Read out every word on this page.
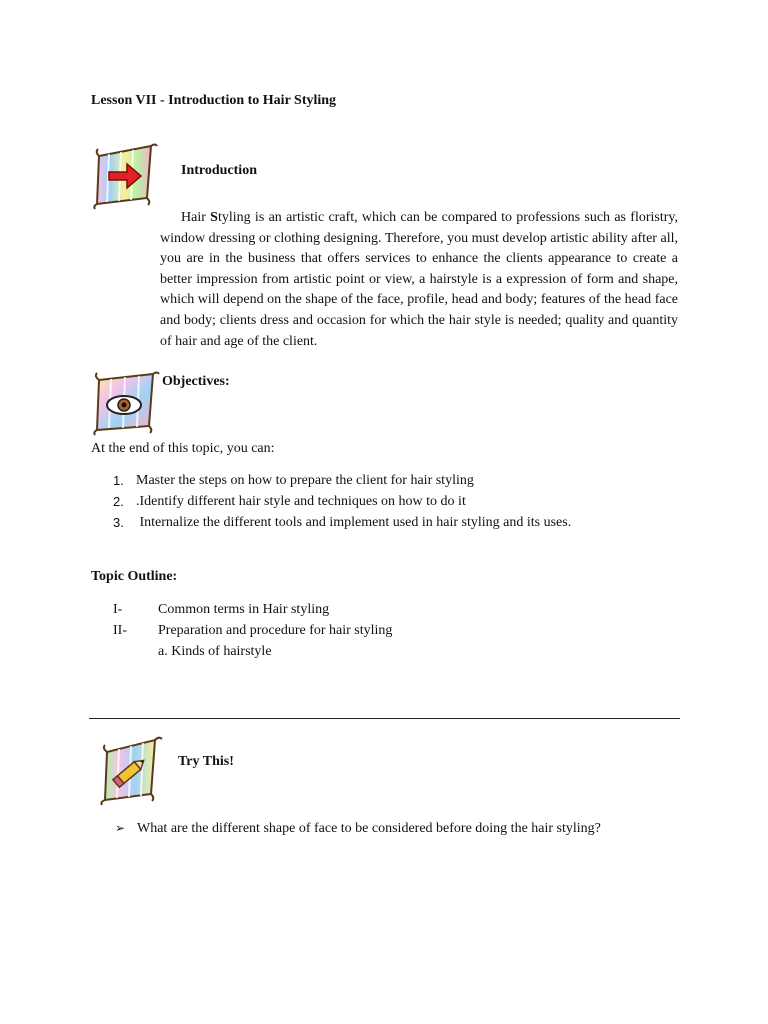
Lesson VII - Introduction to Hair Styling
Introduction
Hair Styling is an artistic craft, which can be compared to professions such as floristry, window dressing or clothing designing. Therefore, you must develop artistic ability after all, you are in the business that offers services to enhance the clients appearance to create a better impression from artistic point or view, a hairstyle is a expression of form and shape, which will depend on the shape of the face, profile, head and body; features of the head face and body; clients dress and occasion for which the hair style is needed; quality and quantity of hair and age of the client.
Objectives:
At the end of this topic, you can:
1. Master the steps on how to prepare the client for hair styling
2. .Identify different hair style and techniques on how to do it
3. Internalize the different tools and implement used in hair styling and its uses.
Topic Outline:
I-	Common terms in Hair styling
II- Preparation and procedure for hair styling
a. Kinds of hairstyle
Try This!
➢ What are the different shape of face to be considered before doing the hair styling?
